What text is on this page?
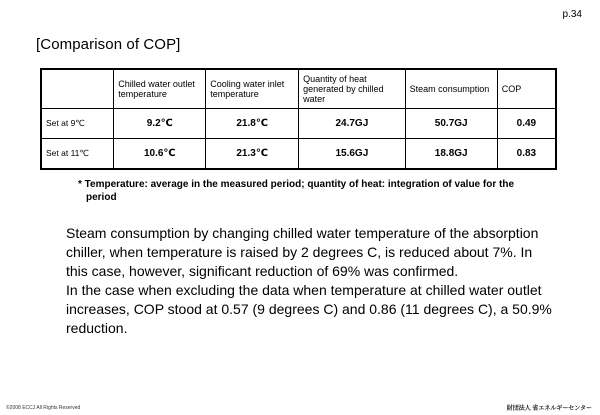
p.34
[Comparison of COP]
	Chilled water outlet temperature	Cooling water inlet temperature	Quantity of heat generated by chilled water	Steam consumption	COP
Set at 9℃	9.2℃	21.8℃	24.7GJ	50.7GJ	0.49
Set at 11℃	10.6℃	21.3℃	15.6GJ	18.8GJ	0.83
* Temperature: average in the measured period; quantity of heat: integration of value for the period

Steam consumption by changing chilled water temperature of the absorption chiller, when temperature is raised by 2 degrees C, is reduced about 7%. In this case, however, significant reduction of 69% was confirmed.

In the case when excluding the data when temperature at chilled water outlet increases, COP stood at 0.57 (9 degrees C) and 0.86 (11 degrees C), a 50.9% reduction.

©2008 ECCJ All Rights Reserved	財団法人 省エネルギーセンター
